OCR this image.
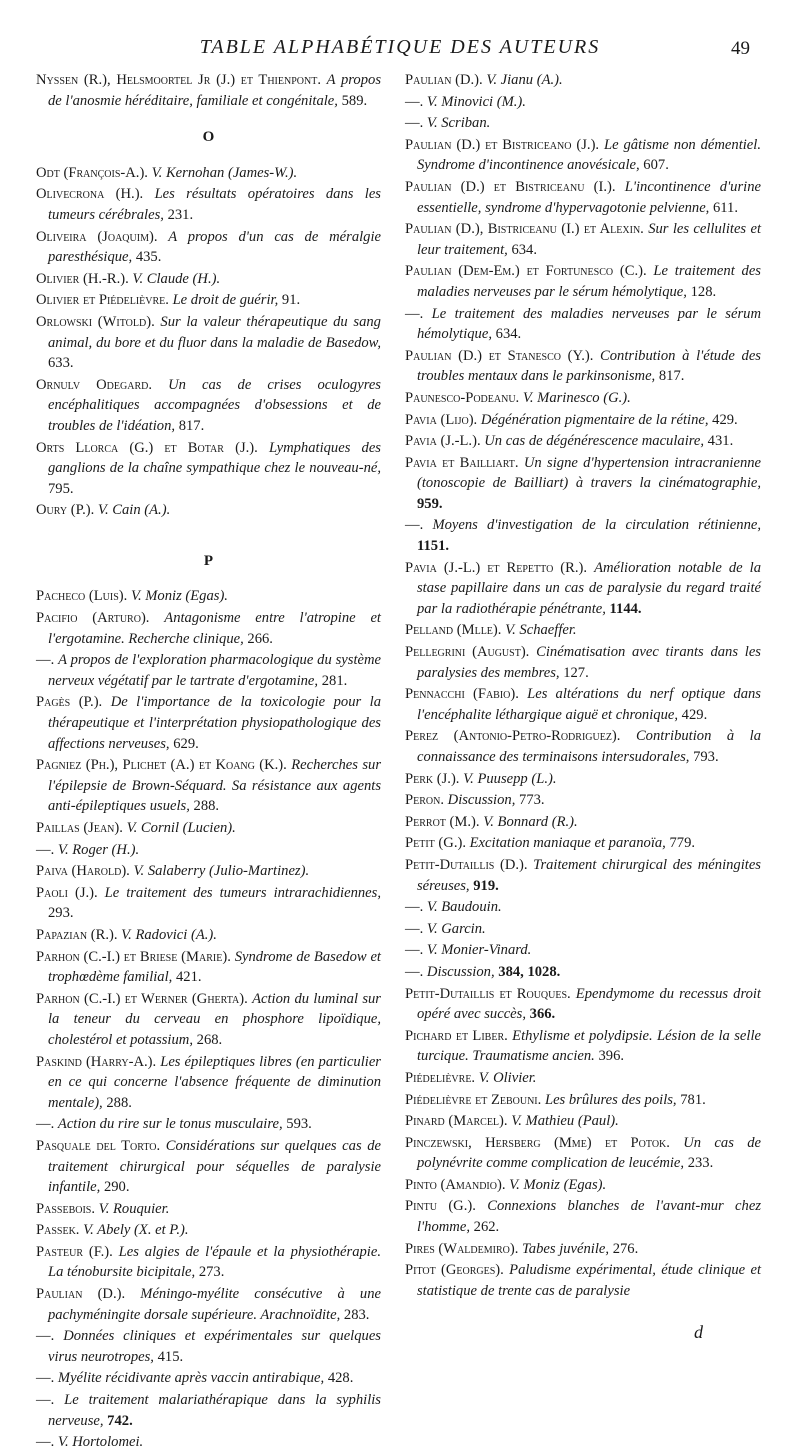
TABLE ALPHABÉTIQUE DES AUTEURS	49
Nyssen (R.), Helsmoortel Jr (J.) et Thienpont. A propos de l'anosmie héréditaire, familiale et congénitale, 589.
O
Odt (François-A.). V. Kernohan (James-W.).
Olivecrona (H.). Les résultats opératoires dans les tumeurs cérébrales, 231.
Oliveira (Joaquim). A propos d'un cas de méralgie paresthésique, 435.
Olivier (H.-R.). V. Claude (H.).
Olivier et Piédelièvre. Le droit de guérir, 91.
Orlowski (Witold). Sur la valeur thérapeutique du sang animal, du bore et du fluor dans la maladie de Basedow, 633.
Ornulv Odegard. Un cas de crises oculogyres encéphalitiques accompagnées d'obsessions et de troubles de l'idéation, 817.
Orts Llorca (G.) et Botar (J.). Lymphatiques des ganglions de la chaîne sympathique chez le nouveau-né, 795.
Oury (P.). V. Cain (A.).
P
Pacheco (Luis). V. Moniz (Egas).
Pacifio (Arturo). Antagonisme entre l'atropine et l'ergotamine. Recherche clinique, 266.
—. A propos de l'exploration pharmacologique du système nerveux végétatif par le tartrate d'ergotamine, 281.
Pagès (P.). De l'importance de la toxicologie pour la thérapeutique et l'interprétation physiopathologique des affections nerveuses, 629.
Pagniez (Ph.), Plichet (A.) et Koang (K.). Recherches sur l'épilepsie de Brown-Séquard. Sa résistance aux agents anti-épileptiques usuels, 288.
Paillas (Jean). V. Cornil (Lucien).
—. V. Roger (H.).
Paiva (Harold). V. Salaberry (Julio-Martinez).
Paoli (J.). Le traitement des tumeurs intrarachidiennes, 293.
Papazian (R.). V. Radovici (A.).
Parhon (C.-I.) et Briese (Marie). Syndrome de Basedow et trophœdème familial, 421.
Parhon (C.-I.) et Werner (Gherta). Action du luminal sur la teneur du cerveau en phosphore lipoïdique, cholestérol et potassium, 268.
Paskind (Harry-A.). Les épileptiques libres (en particulier en ce qui concerne l'absence fréquente de diminution mentale), 288.
—. Action du rire sur le tonus musculaire, 593.
Pasquale del Torto. Considérations sur quelques cas de traitement chirurgical pour séquelles de paralysie infantile, 290.
Passebois. V. Rouquier.
Passek. V. Abely (X. et P.).
Pasteur (F.). Les algies de l'épaule et la physiothérapie. La ténobursite bicipitale, 273.
Paulian (D.). Méningo-myélite consécutive à une pachyméningite dorsale supérieure. Arachnoïdite, 283.
—. Données cliniques et expérimentales sur quelques virus neurotropes, 415.
—. Myélite récidivante après vaccin antirabique, 428.
—. Le traitement malariathérapique dans la syphilis nerveuse, 742.
—. V. Hortolomei.
Paulian (D.). V. Jianu (A.).
—. V. Minovici (M.).
—. V. Scriban.
Paulian (D.) et Bistriceano (J.). Le gâtisme non démentiel. Syndrome d'incontinence anovésicale, 607.
Paulian (D.) et Bistriceanu (I.). L'incontinence d'urine essentielle, syndrome d'hypervagotonie pelvienne, 611.
Paulian (D.), Bistriceanu (I.) et Alexin. Sur les cellulites et leur traitement, 634.
Paulian (Dem-Em.) et Fortunesco (C.). Le traitement des maladies nerveuses par le sérum hémolytique, 128.
—. Le traitement des maladies nerveuses par le sérum hémolytique, 634.
Paulian (D.) et Stanesco (Y.). Contribution à l'étude des troubles mentaux dans le parkinsonisme, 817.
Paunesco-Podeanu. V. Marinesco (G.).
Pavia (Lijo). Dégénération pigmentaire de la rétine, 429.
Pavia (J.-L.). Un cas de dégénérescence maculaire, 431.
Pavia et Bailliart. Un signe d'hypertension intracranienne (tonoscopie de Bailliart) à travers la cinématographie, 959.
—. Moyens d'investigation de la circulation rétinienne, 1151.
Pavia (J.-L.) et Repetto (R.). Amélioration notable de la stase papillaire dans un cas de paralysie du regard traité par la radiothérapie pénétrante, 1144.
Pelland (Mlle). V. Schaeffer.
Pellegrini (August). Cinématisation avec tirants dans les paralysies des membres, 127.
Pennacchi (Fabio). Les altérations du nerf optique dans l'encéphalite léthargique aiguë et chronique, 429.
Perez (Antonio-Petro-Rodriguez). Contribution à la connaissance des terminaisons intersudorales, 793.
Perk (J.). V. Puusepp (L.).
Peron. Discussion, 773.
Perrot (M.). V. Bonnard (R.).
Petit (G.). Excitation maniaque et paranoïa, 779.
Petit-Dutaillis (D.). Traitement chirurgical des méningites séreuses, 919.
—. V. Baudouin.
—. V. Garcin.
—. V. Monier-Vinard.
—. Discussion, 384, 1028.
Petit-Dutaillis et Rouques. Ependymome du recessus droit opéré avec succès, 366.
Pichard et Liber. Ethylisme et polydipsie. Lésion de la selle turcique. Traumatisme ancien. 396.
Piédelièvre. V. Olivier.
Piédelièvre et Zebouni. Les brûlures des poils, 781.
Pinard (Marcel). V. Mathieu (Paul).
Pinczewski, Hersberg (Mme) et Potok. Un cas de polynévrite comme complication de leucémie, 233.
Pinto (Amandio). V. Moniz (Egas).
Pintu (G.). Connexions blanches de l'avant-mur chez l'homme, 262.
Pires (Waldemiro). Tabes juvénile, 276.
Pitot (Georges). Paludisme expérimental, étude clinique et statistique de trente cas de paralysie
d
